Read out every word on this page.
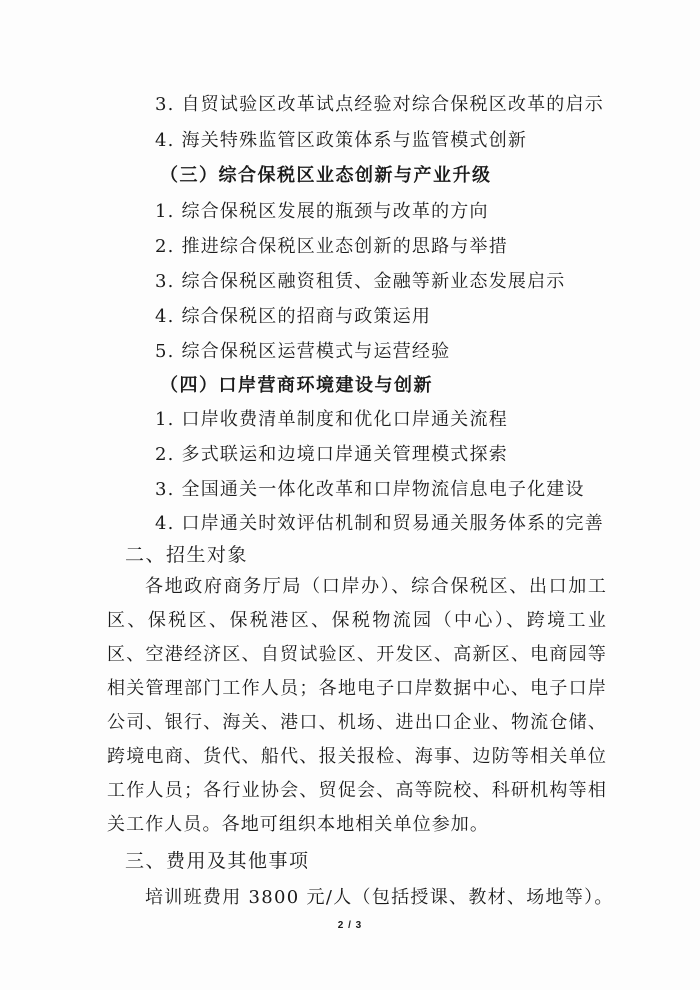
3. 自贸试验区改革试点经验对综合保税区改革的启示
4. 海关特殊监管区政策体系与监管模式创新
（三）综合保税区业态创新与产业升级
1. 综合保税区发展的瓶颈与改革的方向
2. 推进综合保税区业态创新的思路与举措
3. 综合保税区融资租赁、金融等新业态发展启示
4. 综合保税区的招商与政策运用
5. 综合保税区运营模式与运营经验
（四）口岸营商环境建设与创新
1. 口岸收费清单制度和优化口岸通关流程
2. 多式联运和边境口岸通关管理模式探索
3. 全国通关一体化改革和口岸物流信息电子化建设
4. 口岸通关时效评估机制和贸易通关服务体系的完善
二、招生对象
各地政府商务厅局（口岸办）、综合保税区、出口加工区、保税区、保税港区、保税物流园（中心）、跨境工业区、空港经济区、自贸试验区、开发区、高新区、电商园等相关管理部门工作人员；各地电子口岸数据中心、电子口岸公司、银行、海关、港口、机场、进出口企业、物流仓储、跨境电商、货代、船代、报关报检、海事、边防等相关单位工作人员；各行业协会、贸促会、高等院校、科研机构等相关工作人员。各地可组织本地相关单位参加。
三、费用及其他事项
培训班费用 3800 元/人（包括授课、教材、场地等）。
2 / 3
